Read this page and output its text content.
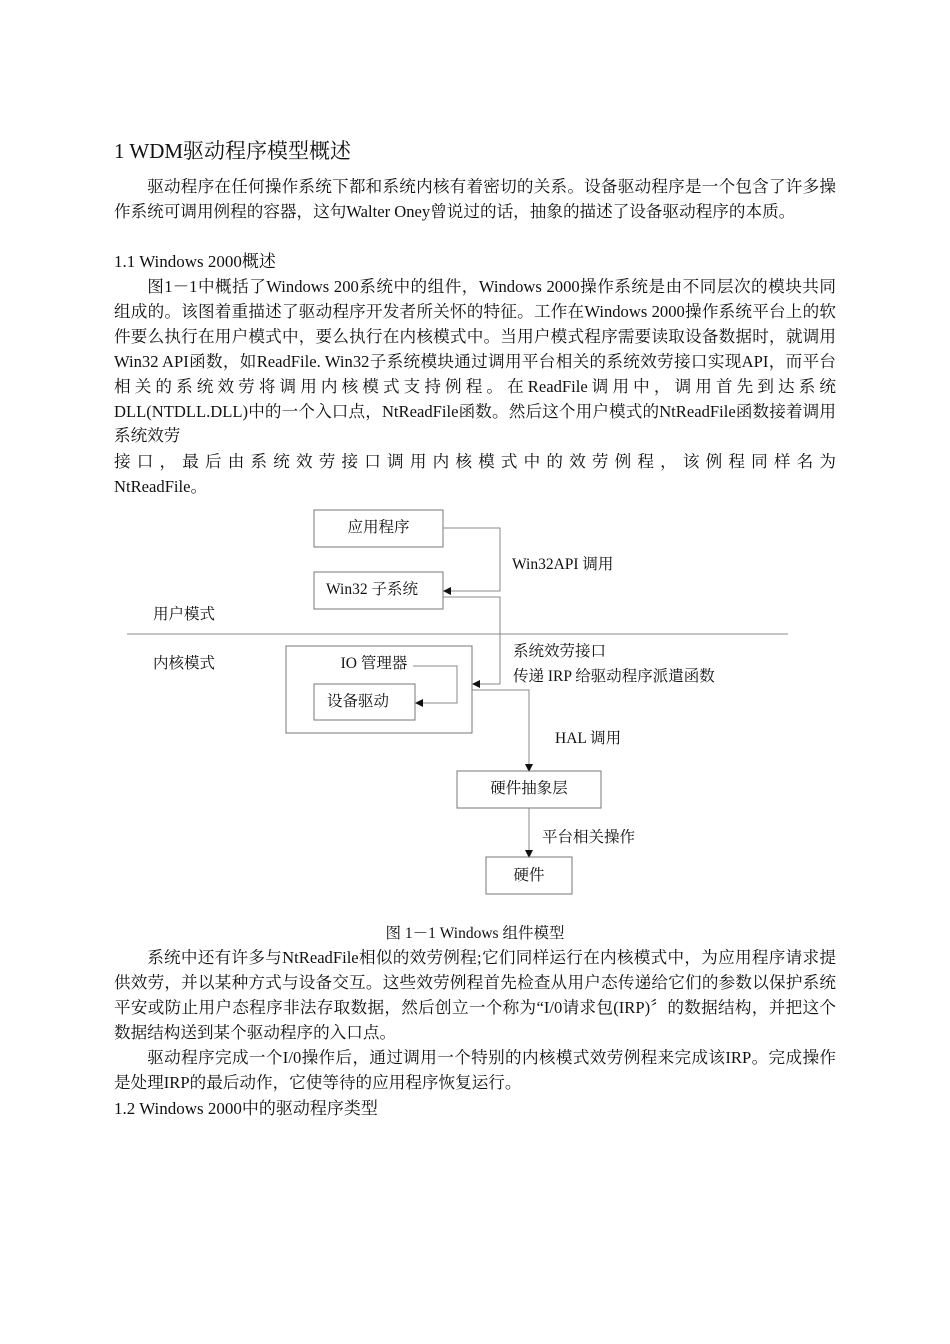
1 WDM驱动程序模型概述

驱动程序在任何操作系统下都和系统内核有着密切的关系。设备驱动程序是一个包含了许多操作系统可调用例程的容器，这句Walter Oney曾说过的话，抽象的描述了设备驱动程序的本质。

1.1 Windows 2000概述

图1－1中概括了Windows 200系统中的组件，Windows 2000操作系统是由不同层次的模块共同组成的。该图着重描述了驱动程序开发者所关怀的特征。工作在Windows 2000操作系统平台上的软件要么执行在用户模式中，要么执行在内核模式中。当用户模式程序需要读取设备数据时，就调用Win32 API函数，如ReadFile. Win32子系统模块通过调用平台相关的系统效劳接口实现API，而平台相关的系统效劳将调用内核模式支持例程。在ReadFile调用中，调用首先到达系统DLL(NTDLL.DLL)中的一个入口点，NtReadFile函数。然后这个用户模式的NtReadFile函数接着调用系统效劳

接口，最后由系统效劳接口调用内核模式中的效劳例程，该例程同样名为

NtReadFile。

应用程序
Win32 子系统
Win32API 调用
用户模式
内核模式
系统效劳接口
传递 IRP 给驱动程序派遣函数
IO 管理器
设备驱动
HAL 调用
硬件抽象层
平台相关操作
硬件
图 1－1 Windows 组件模型

系统中还有许多与NtReadFile相似的效劳例程;它们同样运行在内核模式中，为应用程序请求提供效劳，并以某种方式与设备交互。这些效劳例程首先检查从用户态传递给它们的参数以保护系统平安或防止用户态程序非法存取数据，然后创立一个称为“I/0请求包(IRP)〞的数据结构，并把这个数据结构送到某个驱动程序的入口点。

驱动程序完成一个I/0操作后，通过调用一个特别的内核模式效劳例程来完成该IRP。完成操作是处理IRP的最后动作，它使等待的应用程序恢复运行。

1.2 Windows 2000中的驱动程序类型
